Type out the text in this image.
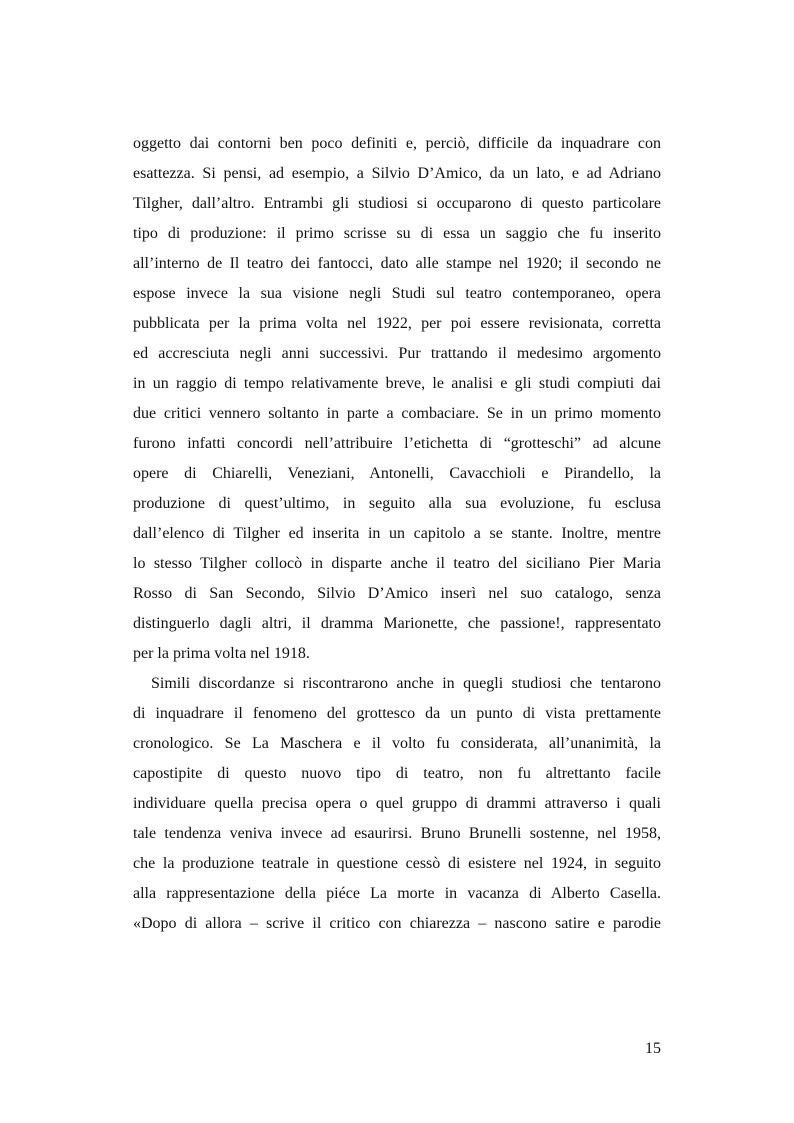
oggetto dai contorni ben poco definiti e, perciò, difficile da inquadrare con
esattezza. Si pensi, ad esempio, a Silvio D’Amico, da un lato, e ad Adriano
Tilgher, dall’altro. Entrambi gli studiosi si occuparono di questo particolare
tipo di produzione: il primo scrisse su di essa un saggio che fu inserito
all’interno de Il teatro dei fantocci, dato alle stampe nel 1920; il secondo ne
espose invece la sua visione negli Studi sul teatro contemporaneo, opera
pubblicata per la prima volta nel 1922, per poi essere revisionata, corretta
ed accresciuta negli anni successivi. Pur trattando il medesimo argomento
in un raggio di tempo relativamente breve, le analisi e gli studi compiuti dai
due critici vennero soltanto in parte a combaciare. Se in un primo momento
furono infatti concordi nell’attribuire l’etichetta di “grotteschi” ad alcune
opere di Chiarelli, Veneziani, Antonelli, Cavacchioli e Pirandello, la
produzione di quest’ultimo, in seguito alla sua evoluzione, fu esclusa
dall’elenco di Tilgher ed inserita in un capitolo a se stante. Inoltre, mentre
lo stesso Tilgher collocò in disparte anche il teatro del siciliano Pier Maria
Rosso di San Secondo, Silvio D’Amico inserì nel suo catalogo, senza
distinguerlo dagli altri, il dramma Marionette, che passione!, rappresentato
per la prima volta nel 1918.
Simili discordanze si riscontrarono anche in quegli studiosi che tentarono
di inquadrare il fenomeno del grottesco da un punto di vista prettamente
cronologico. Se La Maschera e il volto fu considerata, all’unanimità, la
capostipite di questo nuovo tipo di teatro, non fu altrettanto facile
individuare quella precisa opera o quel gruppo di drammi attraverso i quali
tale tendenza veniva invece ad esaurirsi. Bruno Brunelli sostenne, nel 1958,
che la produzione teatrale in questione cessò di esistere nel 1924, in seguito
alla rappresentazione della piéce La morte in vacanza di Alberto Casella.
«Dopo di allora – scrive il critico con chiarezza – nascono satire e parodie
15
